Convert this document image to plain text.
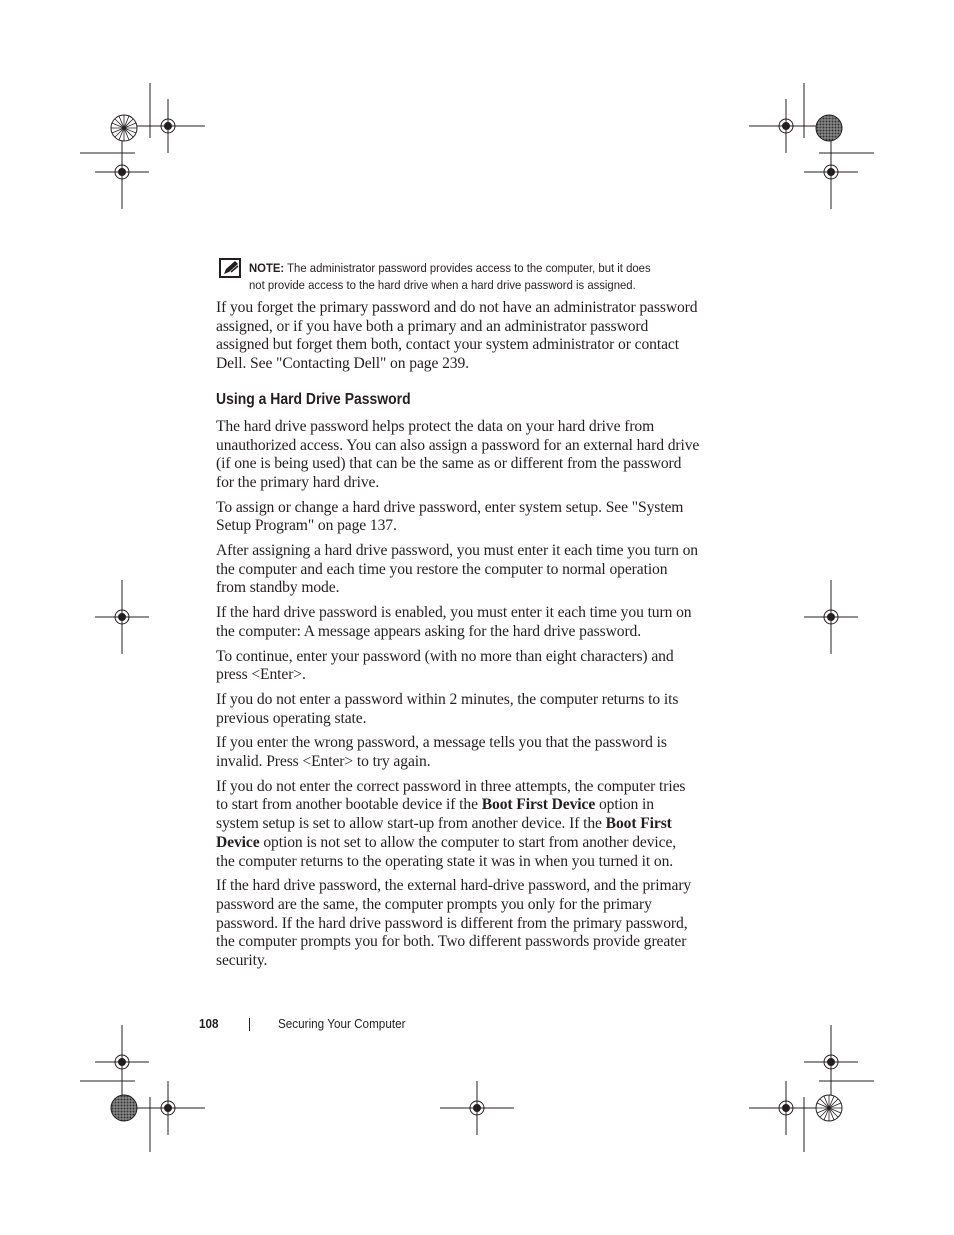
NOTE: The administrator password provides access to the computer, but it does
not provide access to the hard drive when a hard drive password is assigned.
If you forget the primary password and do not have an administrator password
assigned, or if you have both a primary and an administrator password
assigned but forget them both, contact your system administrator or contact
Dell. See "Contacting Dell" on page 239.
Using a Hard Drive Password
The hard drive password helps protect the data on your hard drive from
unauthorized access. You can also assign a password for an external hard drive
(if one is being used) that can be the same as or different from the password
for the primary hard drive.
To assign or change a hard drive password, enter system setup. See "System
Setup Program" on page 137.
After assigning a hard drive password, you must enter it each time you turn on
the computer and each time you restore the computer to normal operation
from standby mode.
If the hard drive password is enabled, you must enter it each time you turn on
the computer: A message appears asking for the hard drive password.
To continue, enter your password (with no more than eight characters) and
press <Enter>.
If you do not enter a password within 2 minutes, the computer returns to its
previous operating state.
If you enter the wrong password, a message tells you that the password is
invalid. Press <Enter> to try again.
If you do not enter the correct password in three attempts, the computer tries
to start from another bootable device if the Boot First Device option in
system setup is set to allow start-up from another device. If the Boot First
Device option is not set to allow the computer to start from another device,
the computer returns to the operating state it was in when you turned it on.
If the hard drive password, the external hard-drive password, and the primary
password are the same, the computer prompts you only for the primary
password. If the hard drive password is different from the primary password,
the computer prompts you for both. Two different passwords provide greater
security.
108	Securing Your Computer
